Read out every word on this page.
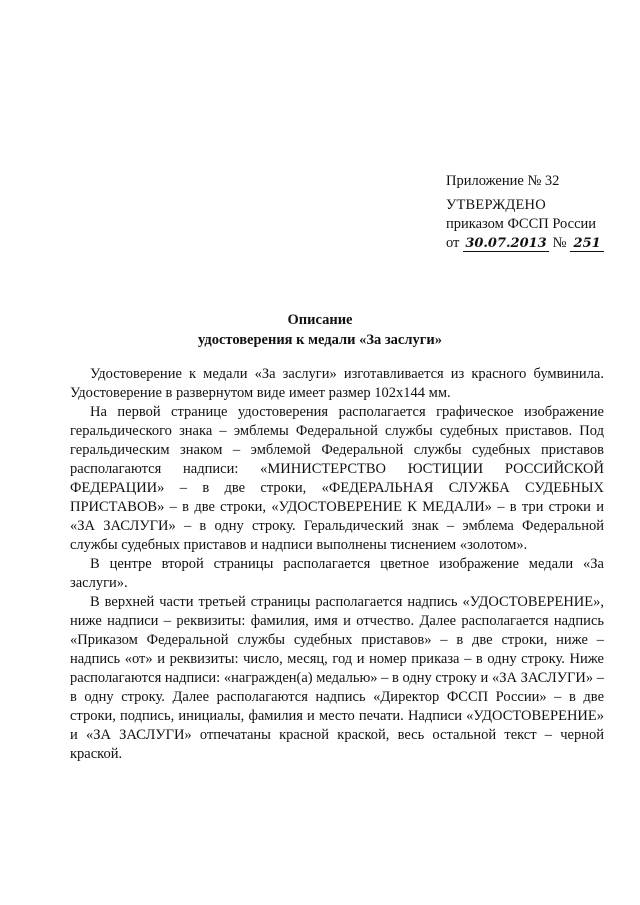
Приложение № 32
УТВЕРЖДЕНО
приказом ФССП России
от 30.07.2013 № 251
Описание
удостоверения к медали «За заслуги»

Удостоверение к медали «За заслуги» изготавливается из красного бумвинила. Удостоверение в развернутом виде имеет размер 102х144 мм.

На первой странице удостоверения располагается графическое изображение геральдического знака – эмблемы Федеральной службы судебных приставов. Под геральдическим знаком – эмблемой Федеральной службы судебных приставов располагаются надписи: «МИНИСТЕРСТВО ЮСТИЦИИ РОССИЙСКОЙ ФЕДЕРАЦИИ» – в две строки, «ФЕДЕРАЛЬНАЯ СЛУЖБА СУДЕБНЫХ ПРИСТАВОВ» – в две строки, «УДОСТОВЕРЕНИЕ К МЕДАЛИ» – в три строки и «ЗА ЗАСЛУГИ» – в одну строку. Геральдический знак – эмблема Федеральной службы судебных приставов и надписи выполнены тиснением «золотом».

В центре второй страницы располагается цветное изображение медали «За заслуги».

В верхней части третьей страницы располагается надпись «УДОСТОВЕРЕНИЕ», ниже надписи – реквизиты: фамилия, имя и отчество. Далее располагается надпись «Приказом Федеральной службы судебных приставов» – в две строки, ниже – надпись «от» и реквизиты: число, месяц, год и номер приказа – в одну строку. Ниже располагаются надписи: «награжден(а) медалью» – в одну строку и «ЗА ЗАСЛУГИ» – в одну строку. Далее располагаются надпись «Директор ФССП России» – в две строки, подпись, инициалы, фамилия и место печати. Надписи «УДОСТОВЕРЕНИЕ» и «ЗА ЗАСЛУГИ» отпечатаны красной краской, весь остальной текст – черной краской.
